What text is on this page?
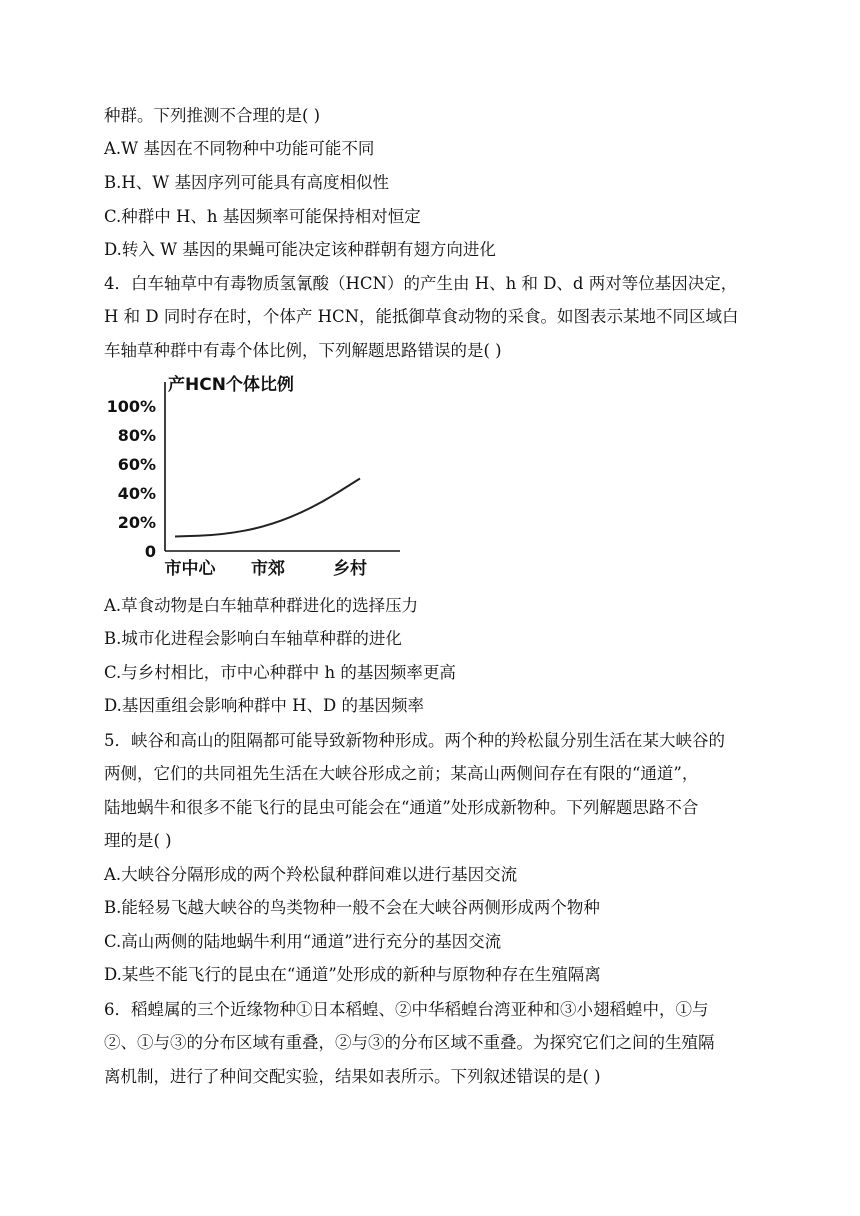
种群。下列推测不合理的是( )
A.W 基因在不同物种中功能可能不同
B.H、W 基因序列可能具有高度相似性
C.种群中 H、h 基因频率可能保持相对恒定
D.转入 W 基因的果蝇可能决定该种群朝有翅方向进化
4．白车轴草中有毒物质氢氰酸（HCN）的产生由 H、h 和 D、d 两对等位基因决定，
H 和 D 同时存在时，个体产 HCN，能抵御草食动物的采食。如图表示某地不同区域白
车轴草种群中有毒个体比例，下列解题思路错误的是( )
产HCN个体比例
0
20%
40%
60%
80%
100%
市中心 市郊	乡村
A.草食动物是白车轴草种群进化的选择压力
B.城市化进程会影响白车轴草种群的进化
C.与乡村相比，市中心种群中 h 的基因频率更高
D.基因重组会影响种群中 H、D 的基因频率
5．峡谷和高山的阻隔都可能导致新物种形成。两个种的羚松鼠分别生活在某大峡谷的
两侧，它们的共同祖先生活在大峡谷形成之前；某高山两侧间存在有限的“通道”，
陆地蜗牛和很多不能飞行的昆虫可能会在“通道”处形成新物种。下列解题思路不合
理的是( )
A.大峡谷分隔形成的两个羚松鼠种群间难以进行基因交流
B.能轻易飞越大峡谷的鸟类物种一般不会在大峡谷两侧形成两个物种
C.高山两侧的陆地蜗牛利用“通道”进行充分的基因交流
D.某些不能飞行的昆虫在“通道”处形成的新种与原物种存在生殖隔离
6．稻蝗属的三个近缘物种①日本稻蝗、②中华稻蝗台湾亚种和③小翅稻蝗中，①与
②、①与③的分布区域有重叠，②与③的分布区域不重叠。为探究它们之间的生殖隔
离机制，进行了种间交配实验，结果如表所示。下列叙述错误的是( )
